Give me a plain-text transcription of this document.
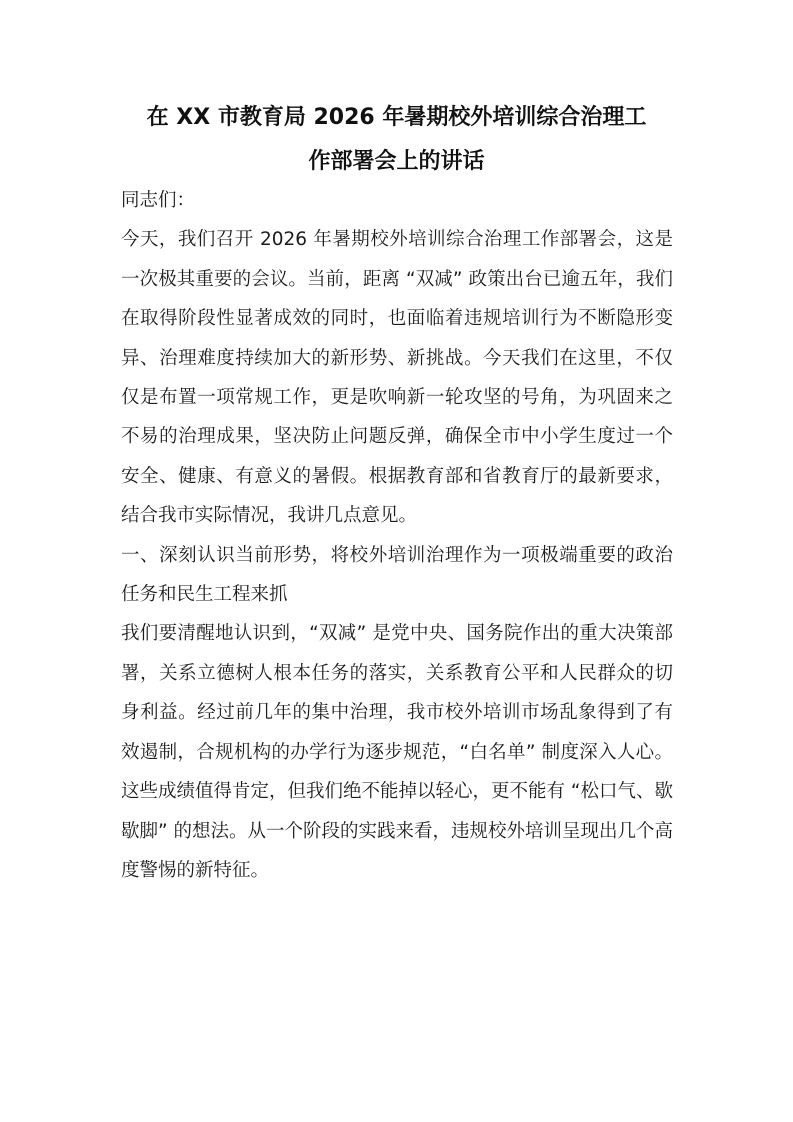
在 XX 市教育局 2026 年暑期校外培训综合治理工
作部署会上的讲话

同志们：

今天，我们召开 2026 年暑期校外培训综合治理工作部署会，这是一次极其重要的会议。当前，距离 “双减” 政策出台已逾五年，我们在取得阶段性显著成效的同时，也面临着违规培训行为不断隐形变异、治理难度持续加大的新形势、新挑战。今天我们在这里，不仅仅是布置一项常规工作，更是吹响新一轮攻坚的号角，为巩固来之不易的治理成果，坚决防止问题反弹，确保全市中小学生度过一个安全、健康、有意义的暑假。根据教育部和省教育厅的最新要求，结合我市实际情况，我讲几点意见。

一、深刻认识当前形势，将校外培训治理作为一项极端重要的政治任务和民生工程来抓

我们要清醒地认识到，“双减” 是党中央、国务院作出的重大决策部署，关系立德树人根本任务的落实，关系教育公平和人民群众的切身利益。经过前几年的集中治理，我市校外培训市场乱象得到了有效遏制，合规机构的办学行为逐步规范，“白名单” 制度深入人心。这些成绩值得肯定，但我们绝不能掉以轻心，更不能有 “松口气、歇歇脚” 的想法。从一个阶段的实践来看，违规校外培训呈现出几个高度警惕的新特征。
